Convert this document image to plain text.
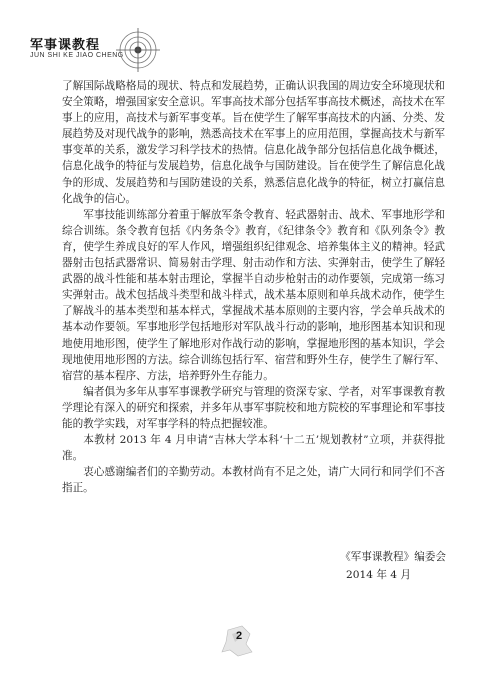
军事课教程
JUN SHI KE JIAO CHENG

了解国际战略格局的现状、特点和发展趋势，正确认识我国的周边安全环境现状和安全策略，增强国家安全意识。军事高技术部分包括军事高技术概述，高技术在军事上的应用，高技术与新军事变革。旨在使学生了解军事高技术的内涵、分类、发展趋势及对现代战争的影响，熟悉高技术在军事上的应用范围，掌握高技术与新军事变革的关系，激发学习科学技术的热情。信息化战争部分包括信息化战争概述，信息化战争的特征与发展趋势，信息化战争与国防建设。旨在使学生了解信息化战争的形成、发展趋势和与国防建设的关系，熟悉信息化战争的特征，树立打赢信息化战争的信心。

军事技能训练部分着重于解放军条令教育、轻武器射击、战术、军事地形学和综合训练。条令教育包括《内务条令》教育，《纪律条令》教育和《队列条令》教育，使学生养成良好的军人作风，增强组织纪律观念、培养集体主义的精神。轻武器射击包括武器常识、简易射击学理、射击动作和方法、实弹射击，使学生了解轻武器的战斗性能和基本射击理论，掌握半自动步枪射击的动作要领，完成第一练习实弹射击。战术包括战斗类型和战斗样式，战术基本原则和单兵战术动作，使学生了解战斗的基本类型和基本样式，掌握战术基本原则的主要内容，学会单兵战术的基本动作要领。军事地形学包括地形对军队战斗行动的影响，地形图基本知识和现地使用地形图，使学生了解地形对作战行动的影响，掌握地形图的基本知识，学会现地使用地形图的方法。综合训练包括行军、宿营和野外生存，使学生了解行军、宿营的基本程序、方法，培养野外生存能力。

编者俱为多年从事军事课教学研究与管理的资深专家、学者，对军事课教育教学理论有深入的研究和探索，并多年从事军事院校和地方院校的军事理论和军事技能的教学实践，对军事学科的特点把握较准。

本教材 2013 年 4 月申请“吉林大学本科‘十二五’规划教材”立项，并获得批准。

衷心感谢编者们的辛勤劳动。本教材尚有不足之处，请广大同行和同学们不吝指正。

《军事课教程》编委会
2014 年 4 月
2
